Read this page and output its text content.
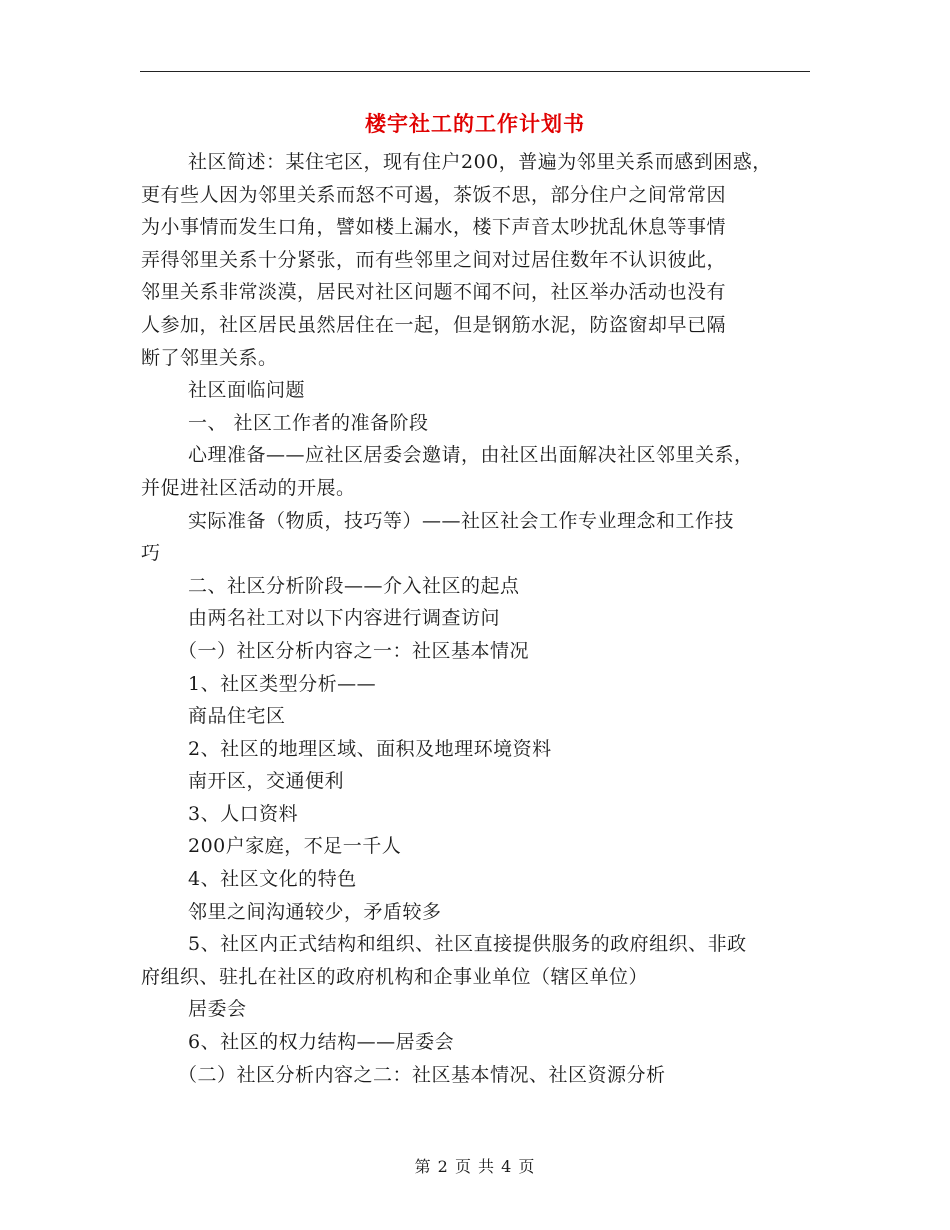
楼宇社工的工作计划书
社区简述：某住宅区，现有住户200，普遍为邻里关系而感到困惑，
更有些人因为邻里关系而怒不可遏，茶饭不思，部分住户之间常常因
为小事情而发生口角，譬如楼上漏水，楼下声音太吵扰乱休息等事情
弄得邻里关系十分紧张，而有些邻里之间对过居住数年不认识彼此，
邻里关系非常淡漠，居民对社区问题不闻不问，社区举办活动也没有
人参加，社区居民虽然居住在一起，但是钢筋水泥，防盗窗却早已隔
断了邻里关系。
社区面临问题
一、 社区工作者的准备阶段
心理准备——应社区居委会邀请，由社区出面解决社区邻里关系，
并促进社区活动的开展。
实际准备（物质，技巧等）——社区社会工作专业理念和工作技
巧
二、社区分析阶段——介入社区的起点
由两名社工对以下内容进行调查访问
（一）社区分析内容之一：社区基本情况
1、社区类型分析——
商品住宅区
2、社区的地理区域、面积及地理环境资料
南开区，交通便利
3、人口资料
200户家庭，不足一千人
4、社区文化的特色
邻里之间沟通较少，矛盾较多
5、社区内正式结构和组织、社区直接提供服务的政府组织、非政
府组织、驻扎在社区的政府机构和企事业单位（辖区单位）
居委会
6、社区的权力结构——居委会
（二）社区分析内容之二：社区基本情况、社区资源分析
第 2 页 共 4 页
